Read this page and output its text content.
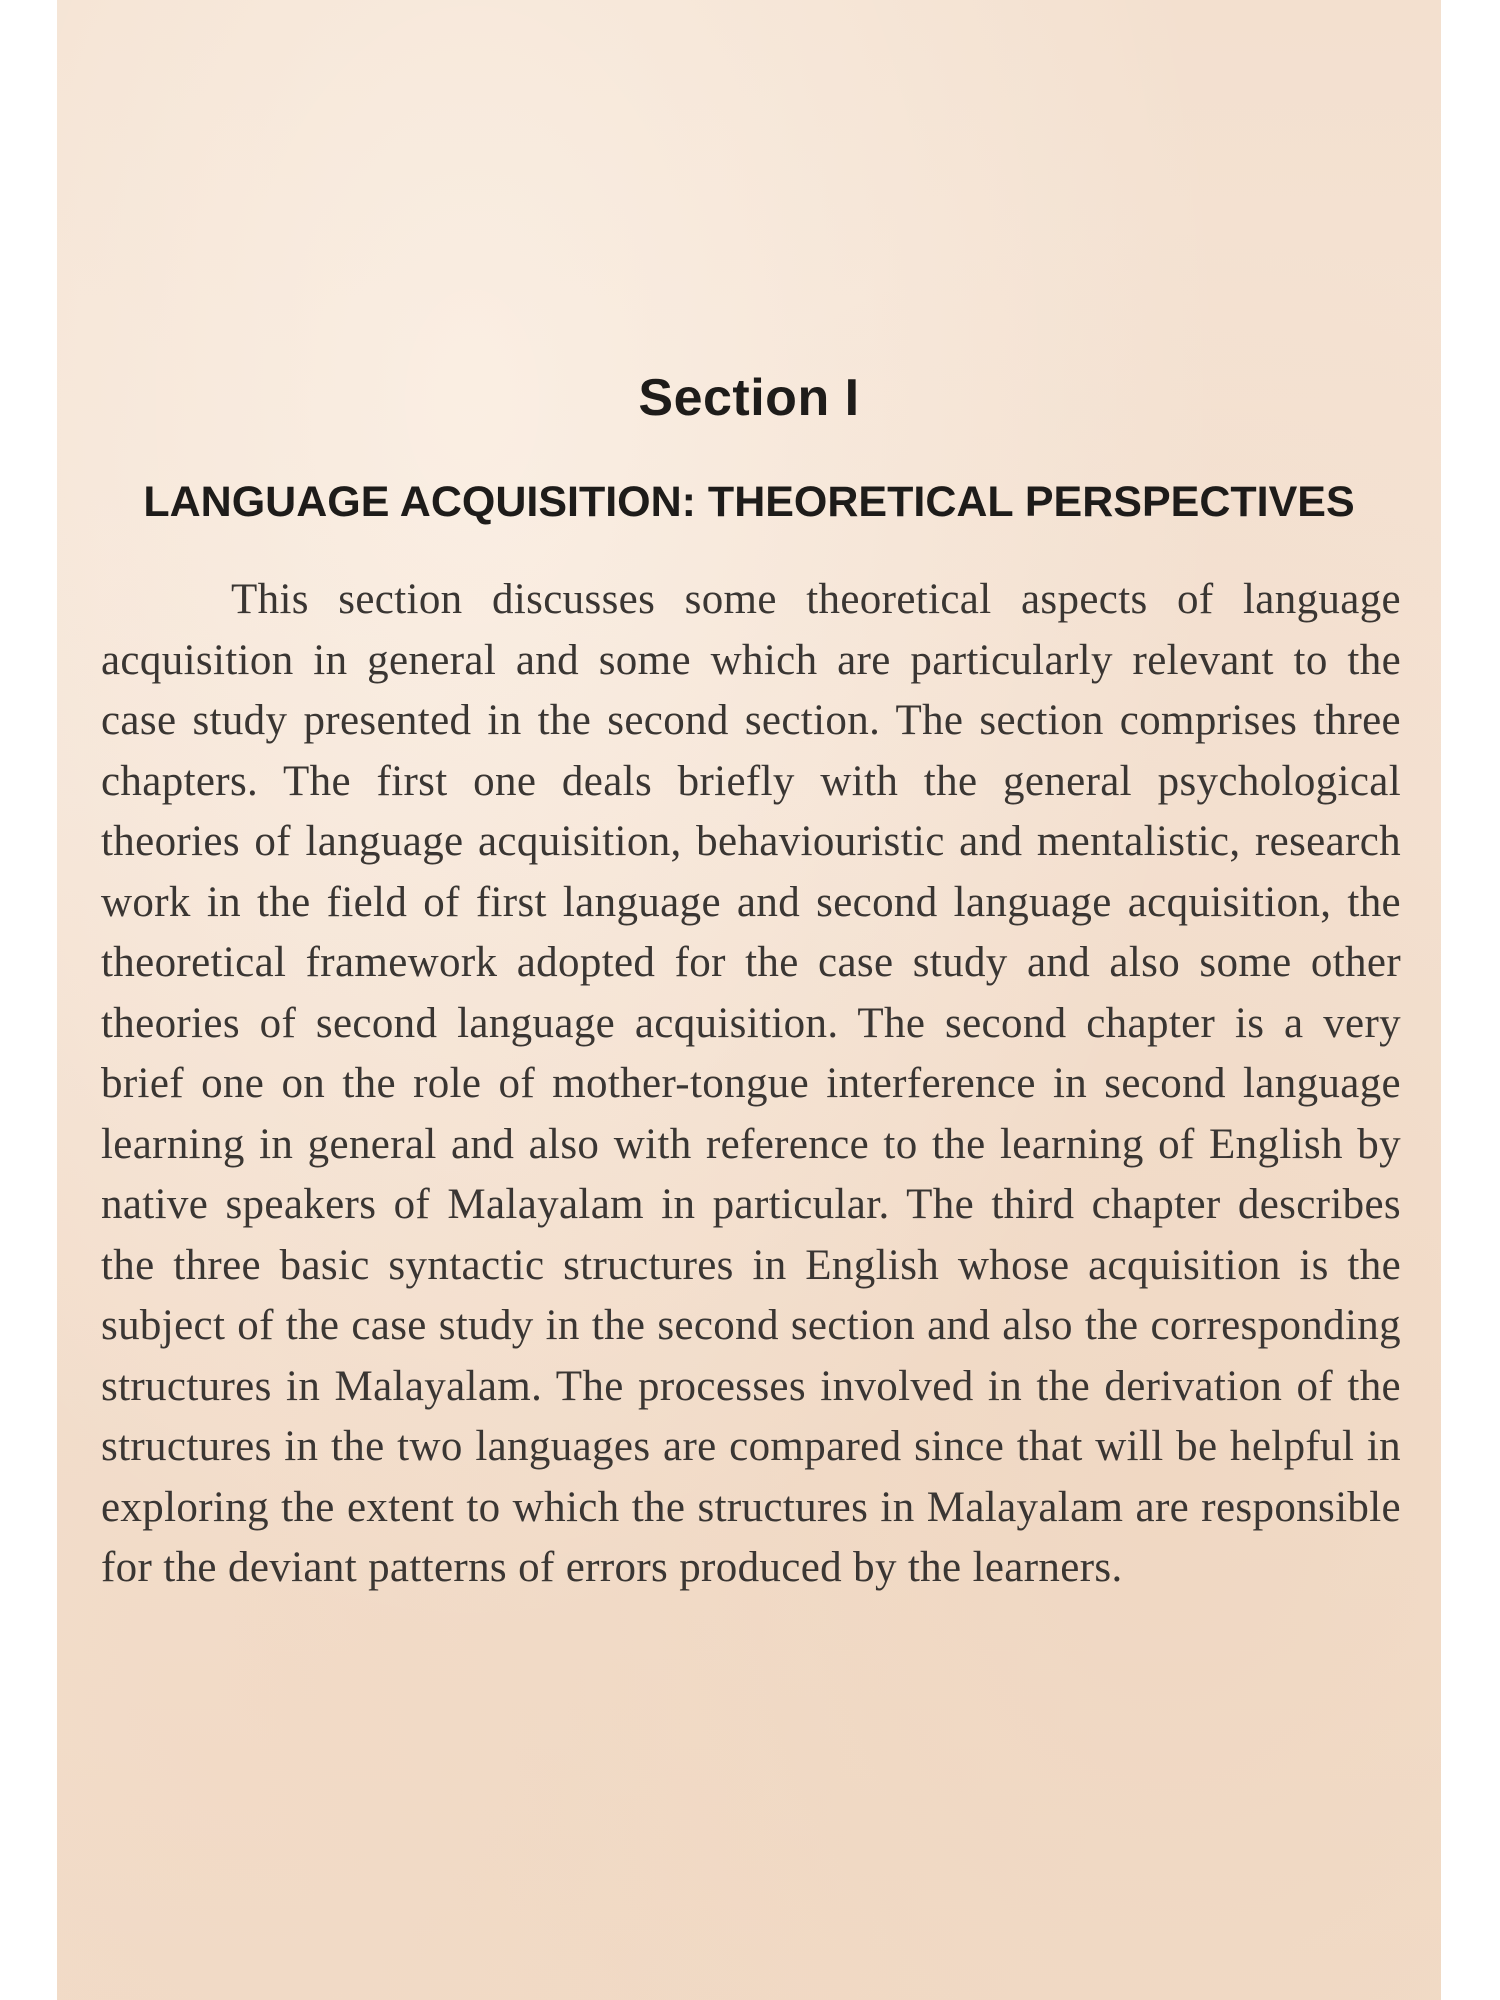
Section I
LANGUAGE ACQUISITION: THEORETICAL PERSPECTIVES

This section discusses some theoretical aspects of language acquisition in general and some which are particularly relevant to the case study presented in the second section. The section comprises three chapters. The first one deals briefly with the general psychological theories of language acquisition, behaviouristic and mentalistic, research work in the field of first language and second language acquisition, the theoretical framework adopted for the case study and also some other theories of second language acquisition. The second chapter is a very brief one on the role of mother-tongue interference in second language learning in general and also with reference to the learning of English by native speakers of Malayalam in particular. The third chapter describes the three basic syntactic structures in English whose acquisition is the subject of the case study in the second section and also the corresponding structures in Malayalam. The processes involved in the derivation of the structures in the two languages are compared since that will be helpful in exploring the extent to which the structures in Malayalam are responsible for the deviant patterns of errors produced by the learners.
